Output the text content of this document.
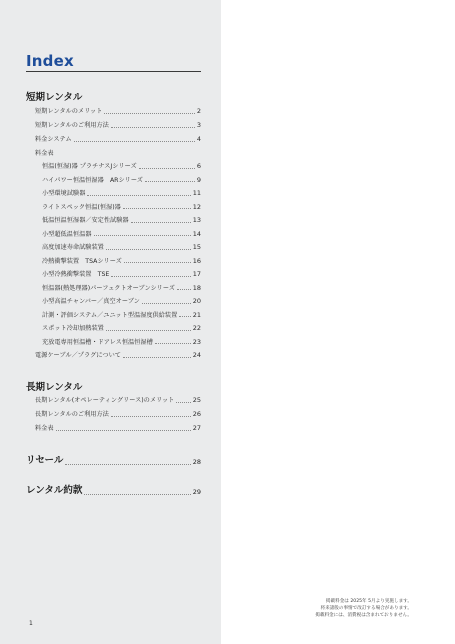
Index
短期レンタル
短期レンタルのメリット	2
短期レンタルのご利用方法	3
料金システム	4
料金表
恒温(恒湿)器 プラチナスJシリーズ	6
ハイパワー恒温恒湿器　ARシリーズ	9
小型環境試験器	11
ライトスペック恒温(恒湿)器	12
低温恒温恒湿器／安定性試験器	13
小型超低温恒温器	14
高度加速寿命試験装置	15
冷熱衝撃装置　TSAシリーズ	16
小型冷熱衝撃装置　TSE	17
恒温器(熱処理器)パーフェクトオーブンシリーズ	18
小型高温チャンバー／真空オーブン	20
計測・評価システム／ユニット型温湿度供給装置 21
スポット冷却加熱装置	22
充放電専用恒温槽・ドアレス恒温恒湿槽	23
電源ケーブル／プラグについて	24
長期レンタル
長期レンタル(オペレーティングリース)のメリット	25
長期レンタルのご利用方法	26
料金表	27
リセール	28
レンタル約款	29
掲載料金は 2025年 5月より実施します。
将来諸般の事情で改訂する場合があります。
掲載料金には、消費税は含まれておりません。
1
